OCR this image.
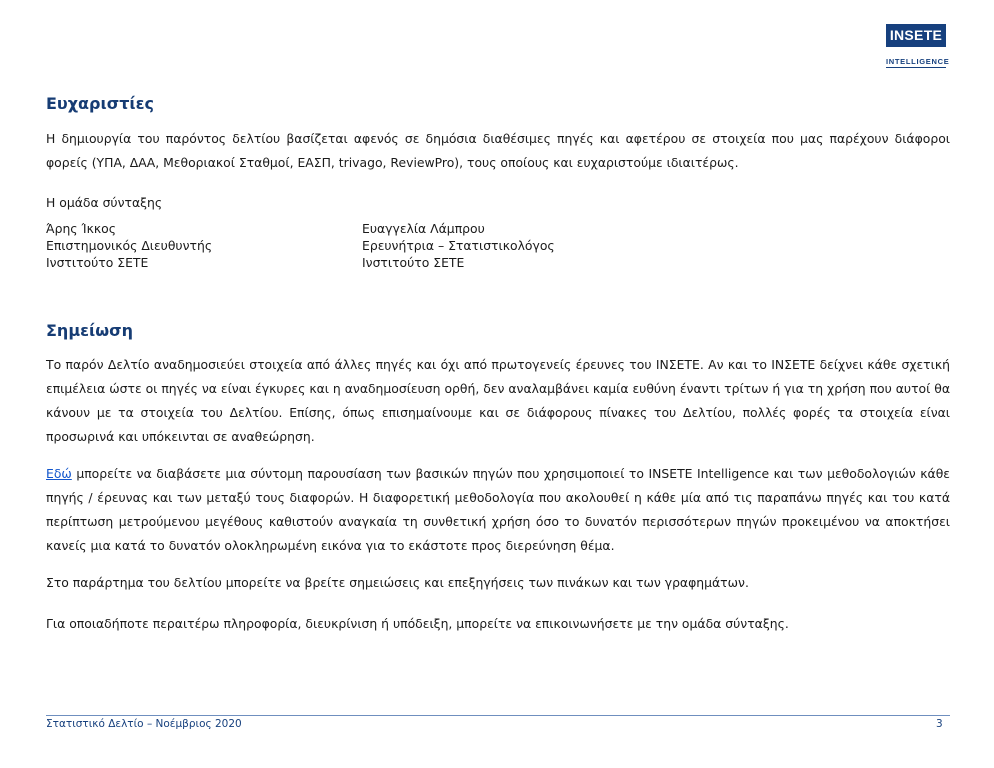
INSETE
INTELLIGENCE
Ευχαριστίες

Η δημιουργία του παρόντος δελτίου βασίζεται αφενός σε δημόσια διαθέσιμες πηγές και αφετέρου σε στοιχεία που μας παρέχουν διάφοροι φορείς (ΥΠΑ, ΔΑΑ, Μεθοριακοί Σταθμοί, ΕΑΣΠ, trivago, ReviewPro), τους οποίους και ευχαριστούμε ιδιαιτέρως.

Η ομάδα σύνταξης

Άρης Ίκκος

Επιστημονικός Διευθυντής

Ινστιτούτο ΣΕΤΕ

Ευαγγελία Λάμπρου

Ερευνήτρια – Στατιστικολόγος

Ινστιτούτο ΣΕΤΕ

Σημείωση

Το παρόν Δελτίο αναδημοσιεύει στοιχεία από άλλες πηγές και όχι από πρωτογενείς έρευνες του ΙΝΣΕΤΕ. Αν και το ΙΝΣΕΤΕ δείχνει κάθε σχετική επιμέλεια ώστε οι πηγές να είναι έγκυρες και η αναδημοσίευση ορθή, δεν αναλαμβάνει καμία ευθύνη έναντι τρίτων ή για τη χρήση που αυτοί θα κάνουν με τα στοιχεία του Δελτίου. Επίσης, όπως επισημαίνουμε και σε διάφορους πίνακες του Δελτίου, πολλές φορές τα στοιχεία είναι προσωρινά και υπόκεινται σε αναθεώρηση.

Εδώ μπορείτε να διαβάσετε μια σύντομη παρουσίαση των βασικών πηγών που χρησιμοποιεί το INSETE Intelligence και των μεθοδολογιών κάθε πηγής / έρευνας και των μεταξύ τους διαφορών. Η διαφορετική μεθοδολογία που ακολουθεί η κάθε μία από τις παραπάνω πηγές και του κατά περίπτωση μετρούμενου μεγέθους καθιστούν αναγκαία τη συνθετική χρήση όσο το δυνατόν περισσότερων πηγών προκειμένου να αποκτήσει κανείς μια κατά το δυνατόν ολοκληρωμένη εικόνα για το εκάστοτε προς διερεύνηση θέμα.

Στο παράρτημα του δελτίου μπορείτε να βρείτε σημειώσεις και επεξηγήσεις των πινάκων και των γραφημάτων.

Για οποιαδήποτε περαιτέρω πληροφορία, διευκρίνιση ή υπόδειξη, μπορείτε να επικοινωνήσετε με την ομάδα σύνταξης.

Στατιστικό Δελτίο – Νοέμβριος 2020	3
